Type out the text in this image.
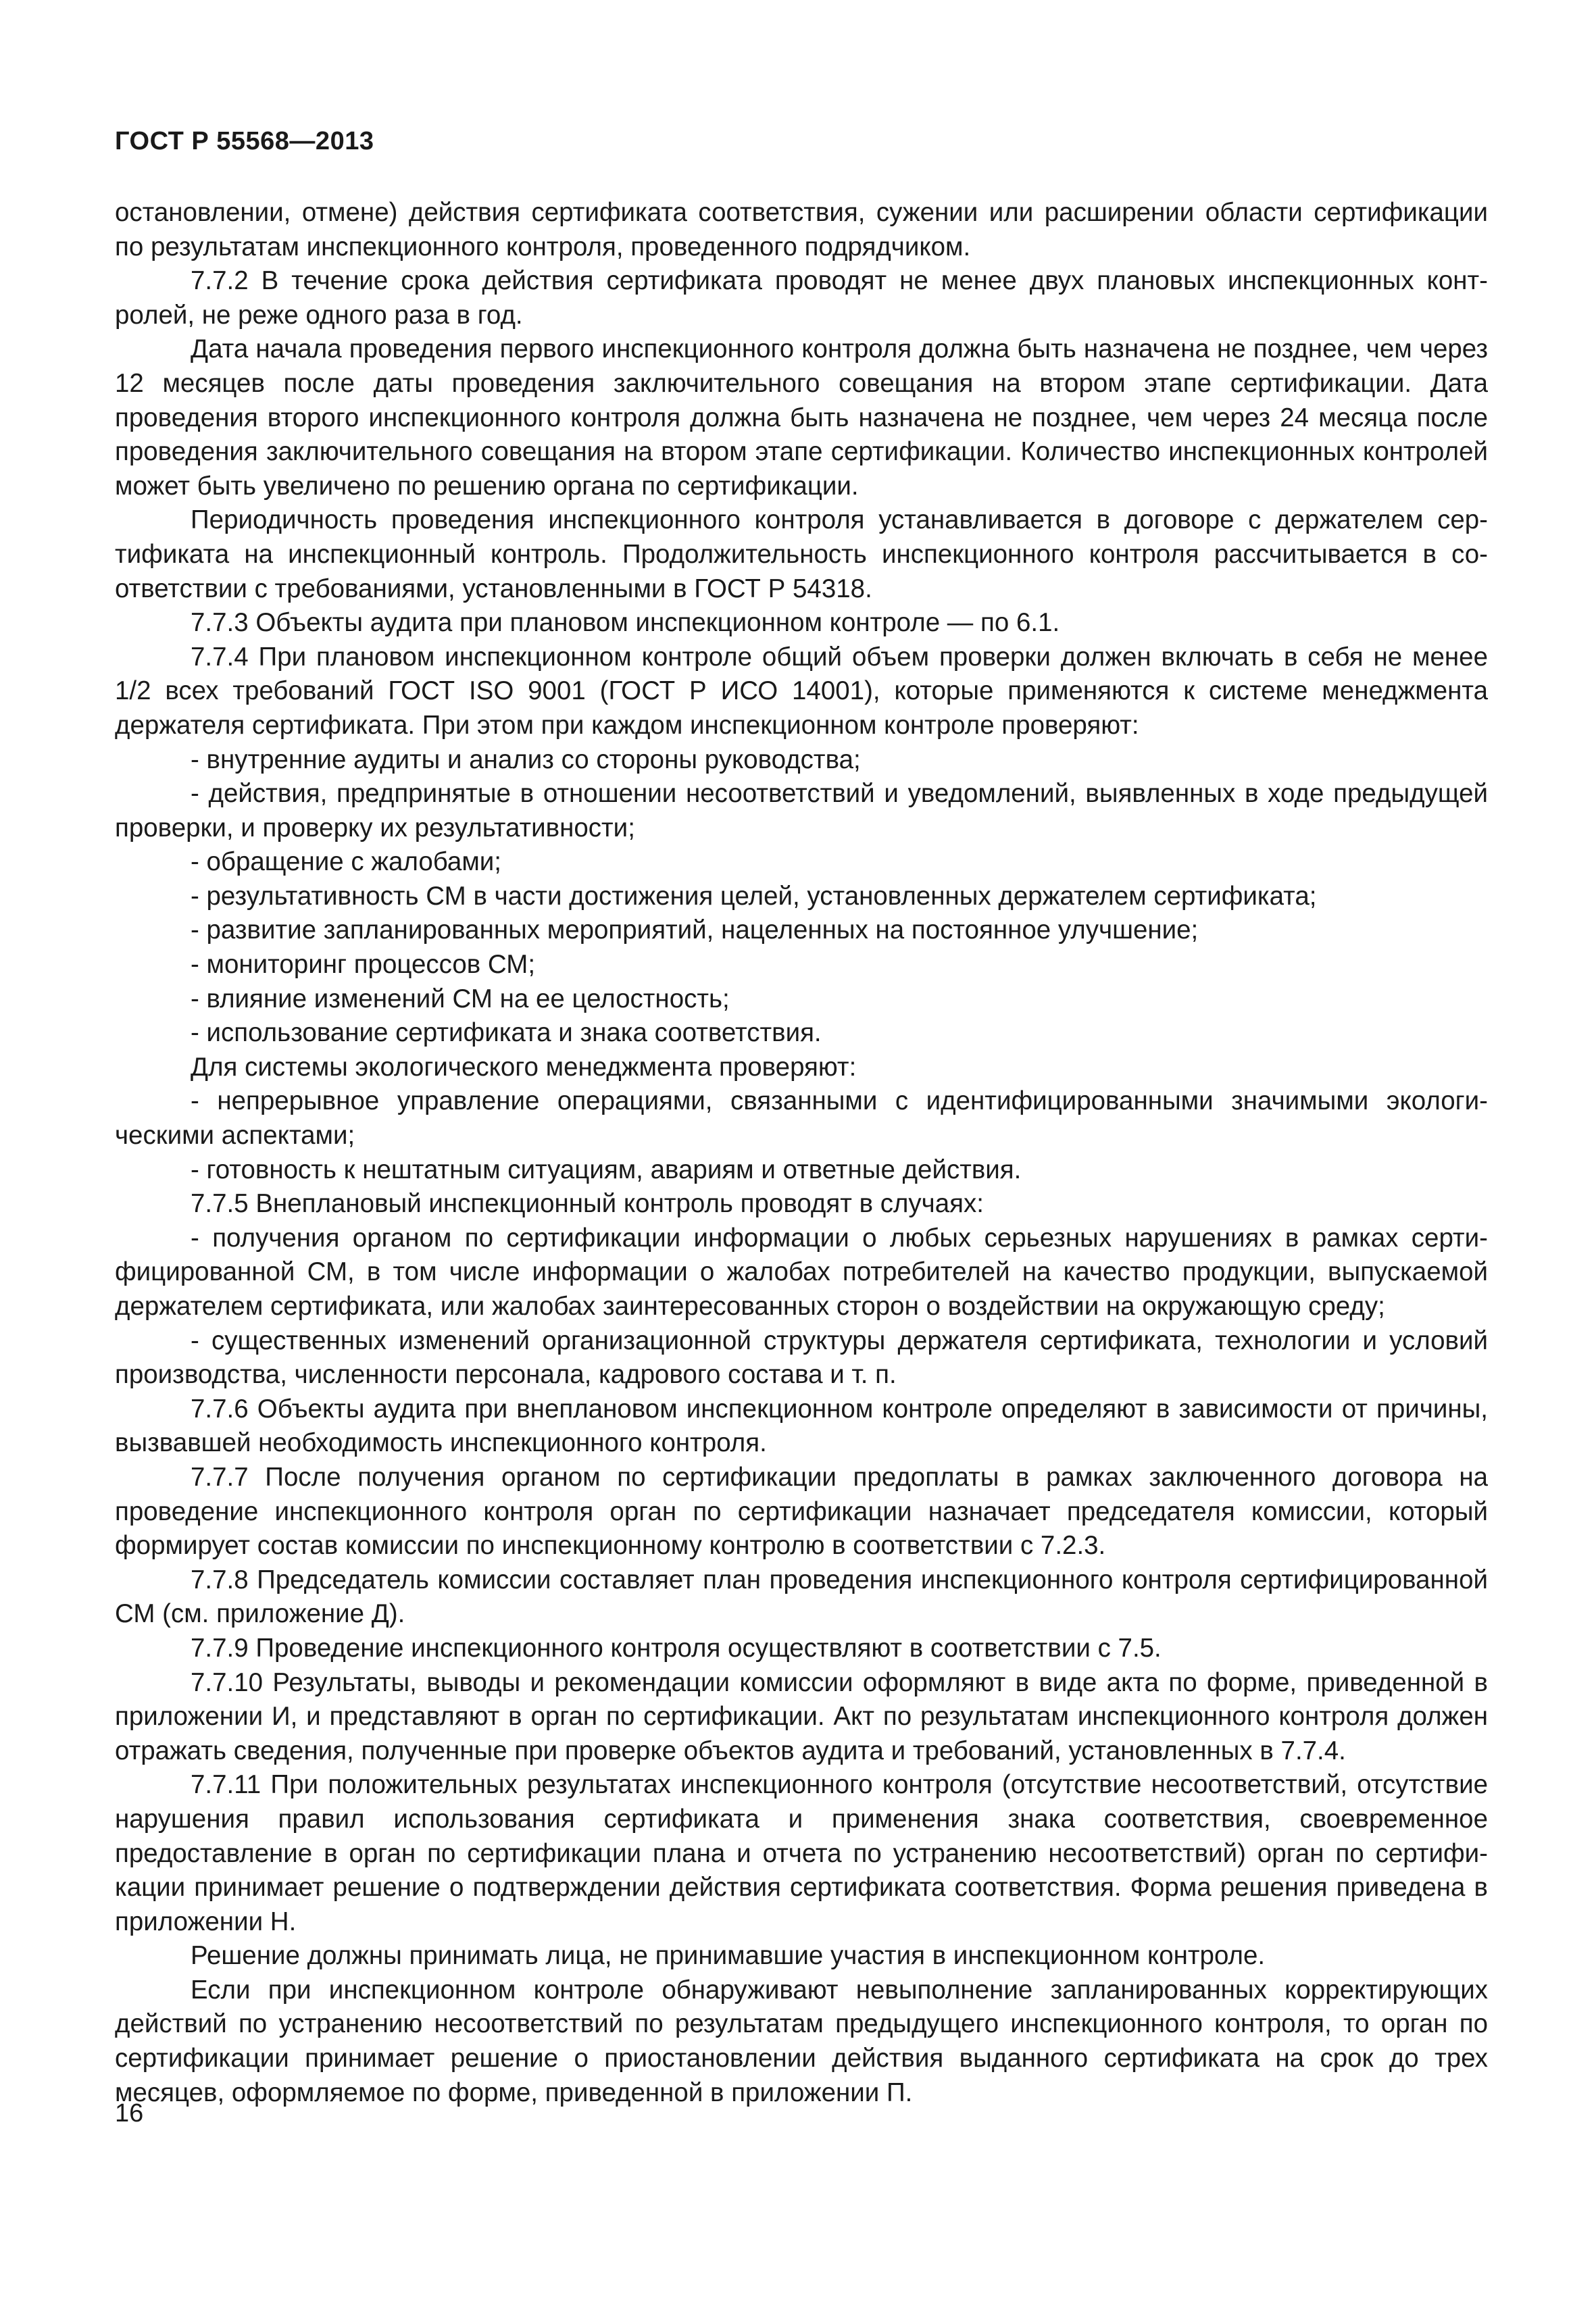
ГОСТ Р 55568—2013

остановлении, отмене) действия сертификата соответствия, сужении или расширении области сертификации по результатам инспекционного контроля, проведенного подрядчиком.

7.7.2 В течение срока действия сертификата проводят не менее двух плановых инспекционных контролей, не реже одного раза в год.

Дата начала проведения первого инспекционного контроля должна быть назначена не позднее, чем через 12 месяцев после даты проведения заключительного совещания на втором этапе сертификации. Дата проведения второго инспекционного контроля должна быть назначена не позднее, чем через 24 месяца после проведения заключительного совещания на втором этапе сертификации. Количество инспекционных контролей может быть увеличено по решению органа по сертификации.

Периодичность проведения инспекционного контроля устанавливается в договоре с держателем сертификата на инспекционный контроль. Продолжительность инспекционного контроля рассчитывается в соответствии с требованиями, установленными в ГОСТ Р 54318.

7.7.3 Объекты аудита при плановом инспекционном контроле — по 6.1.

7.7.4 При плановом инспекционном контроле общий объем проверки должен включать в себя не менее 1/2 всех требований ГОСТ ISO 9001 (ГОСТ Р ИСО 14001), которые применяются к системе менеджмента держателя сертификата. При этом при каждом инспекционном контроле проверяют:

- внутренние аудиты и анализ со стороны руководства;

- действия, предпринятые в отношении несоответствий и уведомлений, выявленных в ходе предыдущей проверки, и проверку их результативности;

- обращение с жалобами;

- результативность СМ в части достижения целей, установленных держателем сертификата;

- развитие запланированных мероприятий, нацеленных на постоянное улучшение;

- мониторинг процессов СМ;

- влияние изменений СМ на ее целостность;

- использование сертификата и знака соответствия.

Для системы экологического менеджмента проверяют:

- непрерывное управление операциями, связанными с идентифицированными значимыми экологическими аспектами;

- готовность к нештатным ситуациям, авариям и ответные действия.

7.7.5 Внеплановый инспекционный контроль проводят в случаях:

- получения органом по сертификации информации о любых серьезных нарушениях в рамках сертифицированной СМ, в том числе информации о жалобах потребителей на качество продукции, выпускаемой держателем сертификата, или жалобах заинтересованных сторон о воздействии на окружающую среду;

- существенных изменений организационной структуры держателя сертификата, технологии и условий производства, численности персонала, кадрового состава и т. п.

7.7.6 Объекты аудита при внеплановом инспекционном контроле определяют в зависимости от причины, вызвавшей необходимость инспекционного контроля.

7.7.7 После получения органом по сертификации предоплаты в рамках заключенного договора на проведение инспекционного контроля орган по сертификации назначает председателя комиссии, который формирует состав комиссии по инспекционному контролю в соответствии с 7.2.3.

7.7.8 Председатель комиссии составляет план проведения инспекционного контроля сертифицированной СМ (см. приложение Д).

7.7.9 Проведение инспекционного контроля осуществляют в соответствии с 7.5.

7.7.10 Результаты, выводы и рекомендации комиссии оформляют в виде акта по форме, приведенной в приложении И, и представляют в орган по сертификации. Акт по результатам инспекционного контроля должен отражать сведения, полученные при проверке объектов аудита и требований, установленных в 7.7.4.

7.7.11 При положительных результатах инспекционного контроля (отсутствие несоответствий, отсутствие нарушения правил использования сертификата и применения знака соответствия, своевременное предоставление в орган по сертификации плана и отчета по устранению несоответствий) орган по сертификации принимает решение о подтверждении действия сертификата соответствия. Форма решения приведена в приложении Н.

Решение должны принимать лица, не принимавшие участия в инспекционном контроле.

Если при инспекционном контроле обнаруживают невыполнение запланированных корректирующих действий по устранению несоответствий по результатам предыдущего инспекционного контроля, то орган по сертификации принимает решение о приостановлении действия выданного сертификата на срок до трех месяцев, оформляемое по форме, приведенной в приложении П.

16
